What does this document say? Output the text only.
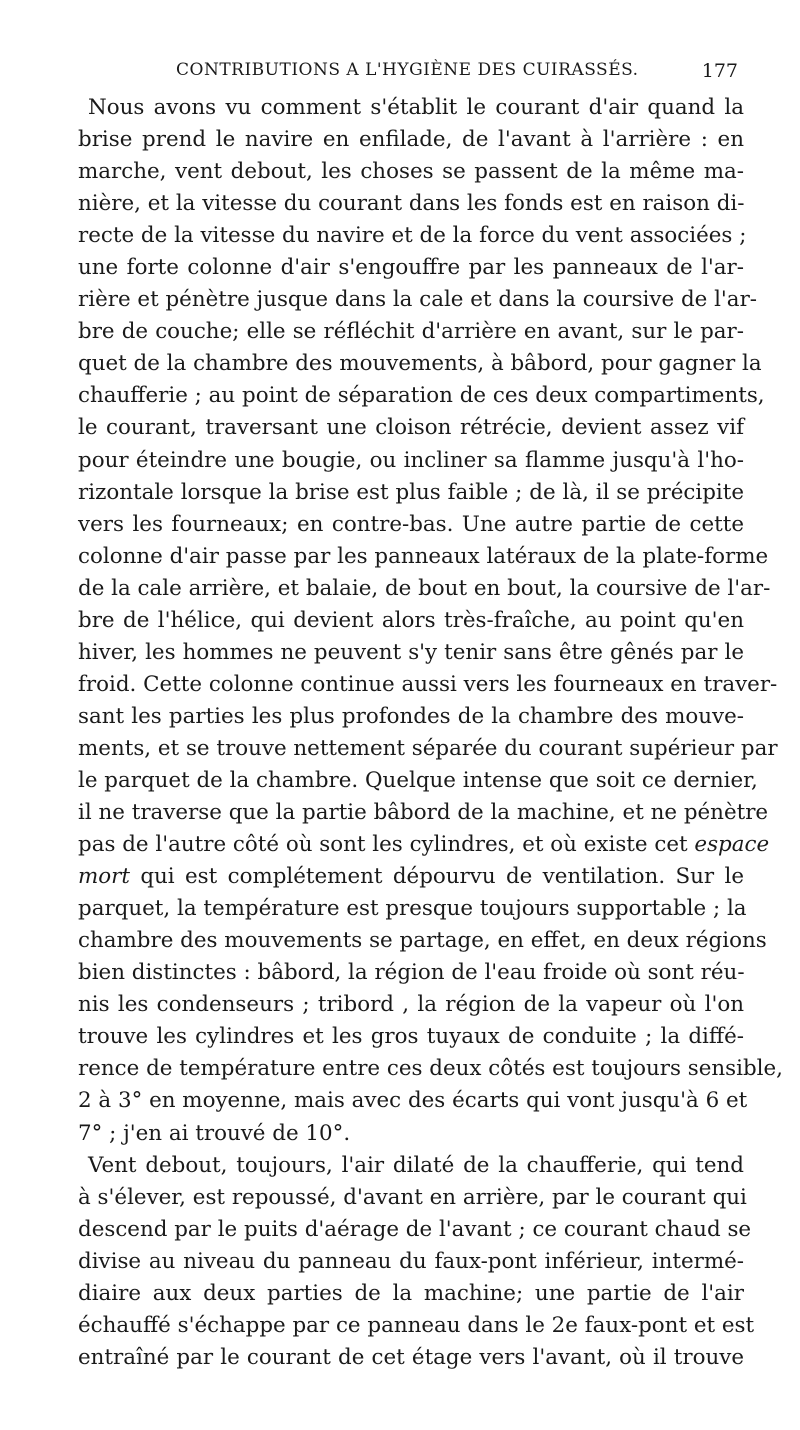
CONTRIBUTIONS A L'HYGIÈNE DES CUIRASSÉS.	177
Nous avons vu comment s'établit le courant d'air quand la
brise prend le navire en enfilade, de l'avant à l'arrière : en
marche, vent debout, les choses se passent de la même ma-
nière, et la vitesse du courant dans les fonds est en raison di-
recte de la vitesse du navire et de la force du vent associées ;
une forte colonne d'air s'engouffre par les panneaux de l'ar-
rière et pénètre jusque dans la cale et dans la coursive de l'ar-
bre de couche; elle se réfléchit d'arrière en avant, sur le par-
quet de la chambre des mouvements, à bâbord, pour gagner la
chaufferie ; au point de séparation de ces deux compartiments,
le courant, traversant une cloison rétrécie, devient assez vif
pour éteindre une bougie, ou incliner sa flamme jusqu'à l'ho-
rizontale lorsque la brise est plus faible ; de là, il se précipite
vers les fourneaux; en contre-bas. Une autre partie de cette
colonne d'air passe par les panneaux latéraux de la plate-forme
de la cale arrière, et balaie, de bout en bout, la coursive de l'ar-
bre de l'hélice, qui devient alors très-fraîche, au point qu'en
hiver, les hommes ne peuvent s'y tenir sans être gênés par le
froid. Cette colonne continue aussi vers les fourneaux en traver-
sant les parties les plus profondes de la chambre des mouve-
ments, et se trouve nettement séparée du courant supérieur par
le parquet de la chambre. Quelque intense que soit ce dernier,
il ne traverse que la partie bâbord de la machine, et ne pénètre
pas de l'autre côté où sont les cylindres, et où existe cet espace
mort qui est complétement dépourvu de ventilation. Sur le
parquet, la température est presque toujours supportable ; la
chambre des mouvements se partage, en effet, en deux régions
bien distinctes : bâbord, la région de l'eau froide où sont réu-
nis les condenseurs ; tribord , la région de la vapeur où l'on
trouve les cylindres et les gros tuyaux de conduite ; la diffé-
rence de température entre ces deux côtés est toujours sensible,
2 à 3° en moyenne, mais avec des écarts qui vont jusqu'à 6 et
7° ; j'en ai trouvé de 10°.
Vent debout, toujours, l'air dilaté de la chaufferie, qui tend
à s'élever, est repoussé, d'avant en arrière, par le courant qui
descend par le puits d'aérage de l'avant ; ce courant chaud se
divise au niveau du panneau du faux-pont inférieur, intermé-
diaire aux deux parties de la machine; une partie de l'air
échauffé s'échappe par ce panneau dans le 2e faux-pont et est
entraîné par le courant de cet étage vers l'avant, où il trouve
